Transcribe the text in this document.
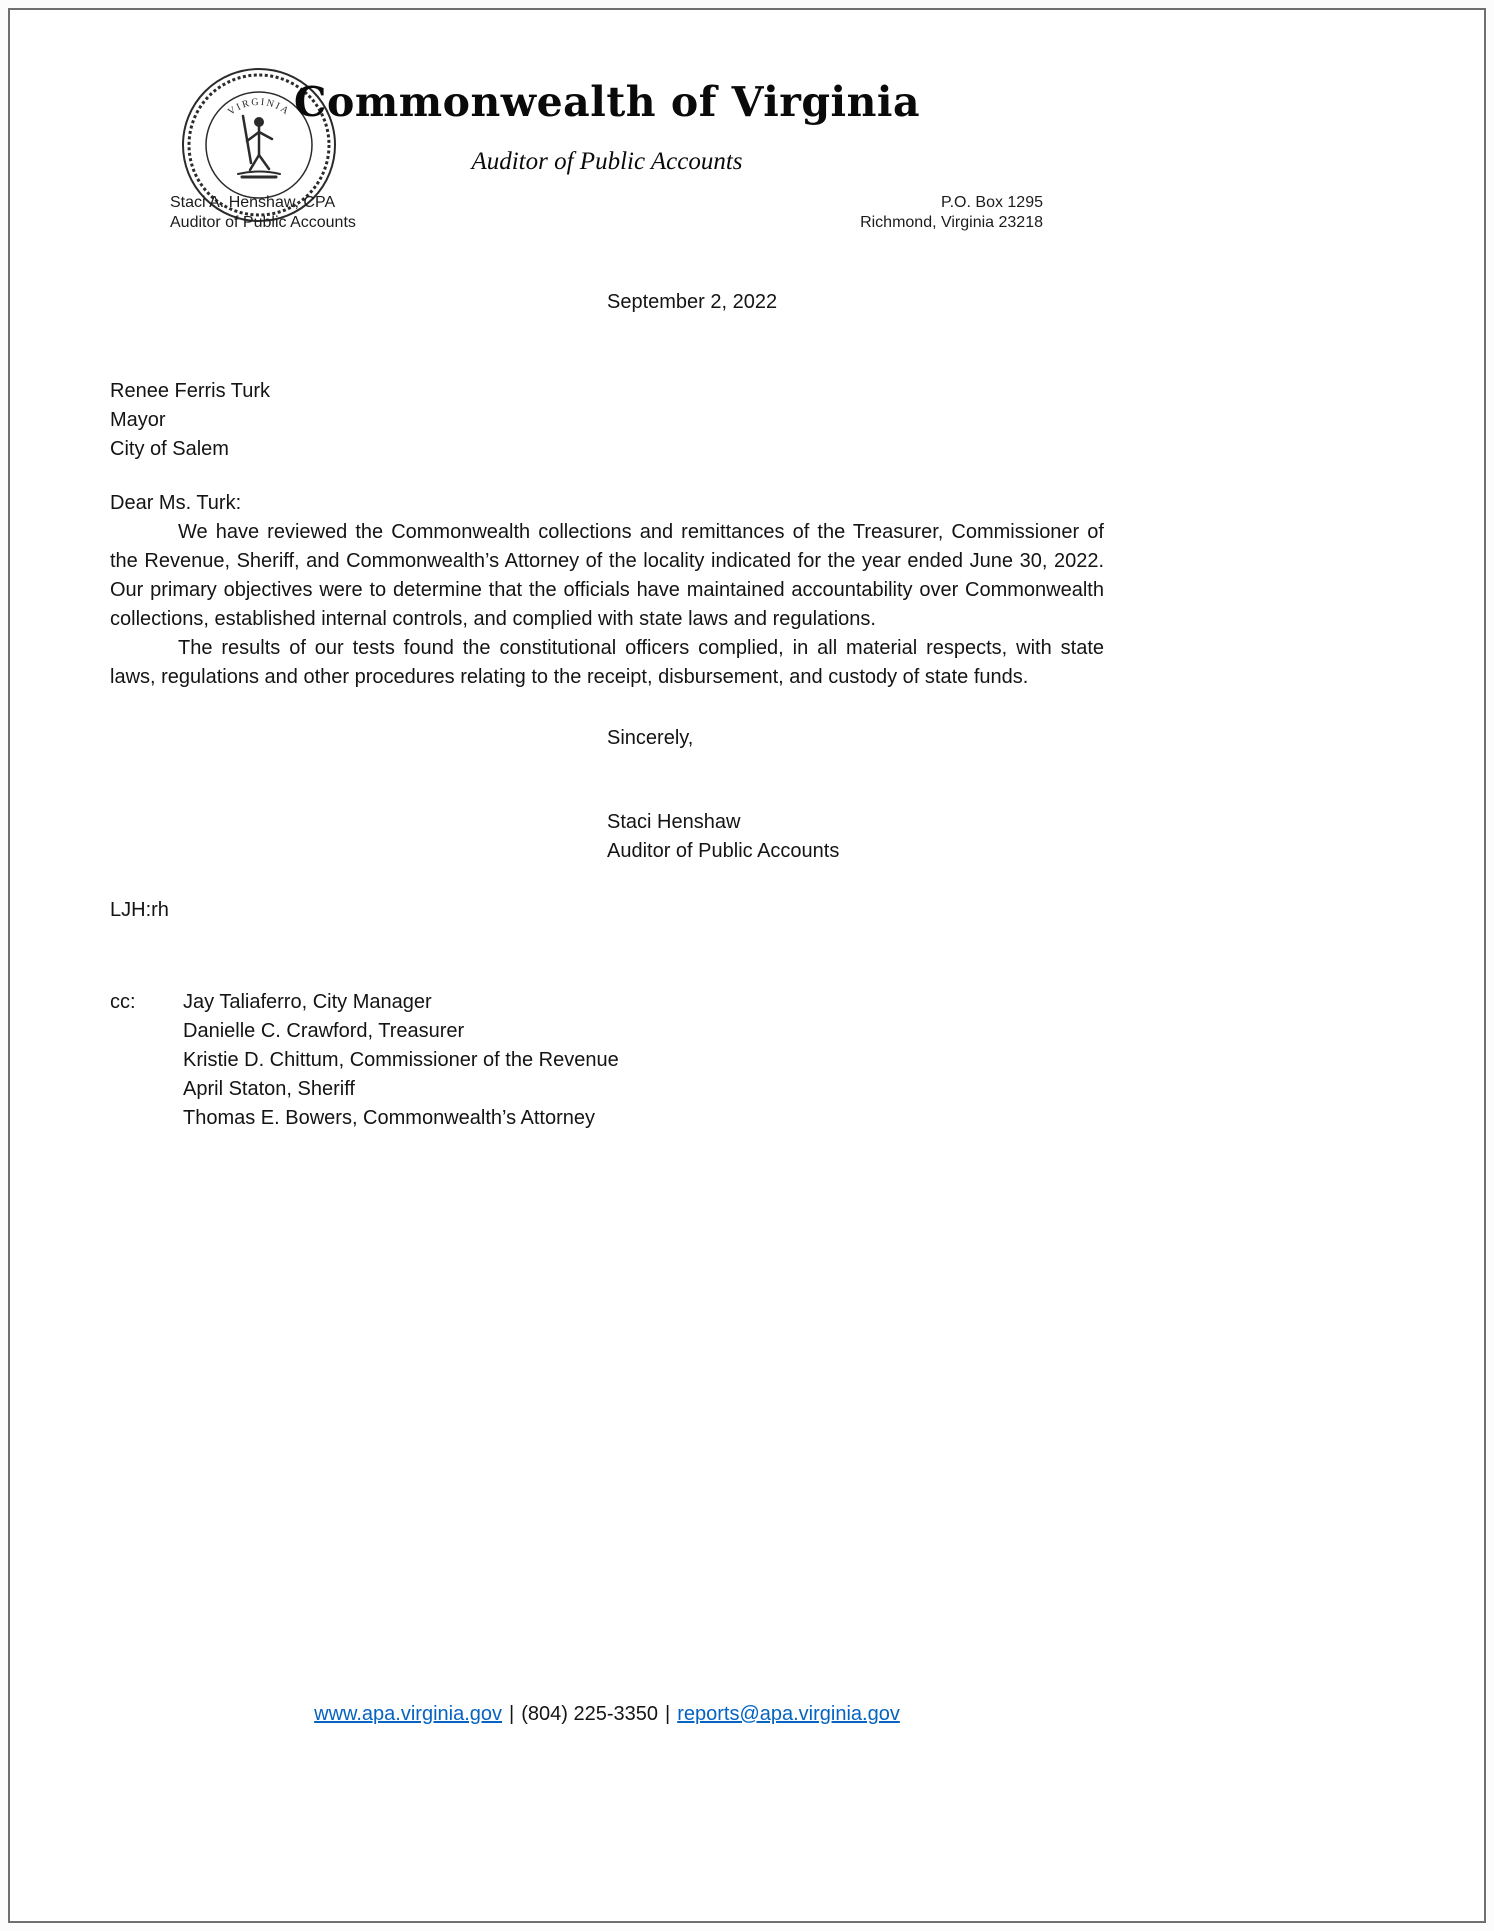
VIRGINIA Commonwealth of Virginia
Auditor of Public Accounts
Staci A. Henshaw, CPA
Auditor of Public Accounts
P.O. Box 1295
Richmond, Virginia 23218
September 2, 2022
Renee Ferris Turk
Mayor
City of Salem
Dear Ms. Turk:

We have reviewed the Commonwealth collections and remittances of the Treasurer, Commissioner of the Revenue, Sheriff, and Commonwealth’s Attorney of the locality indicated for the year ended June 30, 2022. Our primary objectives were to determine that the officials have maintained accountability over Commonwealth collections, established internal controls, and complied with state laws and regulations.

The results of our tests found the constitutional officers complied, in all material respects, with state laws, regulations and other procedures relating to the receipt, disbursement, and custody of state funds.

Sincerely,
Staci Henshaw
Auditor of Public Accounts
LJH:rh
cc:	Jay Taliaferro, City Manager
Danielle C. Crawford, Treasurer
Kristie D. Chittum, Commissioner of the Revenue
April Staton, Sheriff
Thomas E. Bowers, Commonwealth’s Attorney
www.apa.virginia.gov | (804) 225-3350 | reports@apa.virginia.gov
